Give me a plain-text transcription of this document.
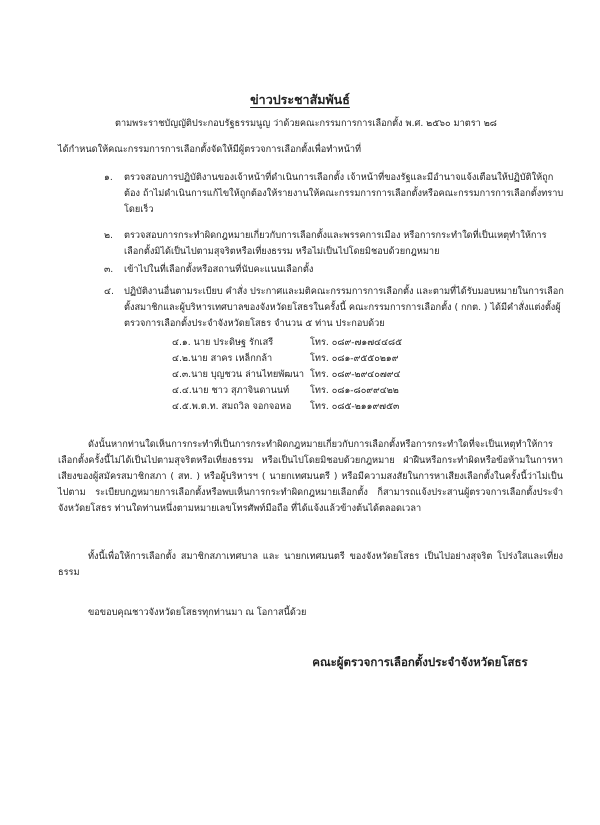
ข่าวประชาสัมพันธ์

ตามพระราชบัญญัติประกอบรัฐธรรมนูญ ว่าด้วยคณะกรรมการการเลือกตั้ง พ.ศ. ๒๕๖๐ มาตรา ๒๘

ได้กำหนดให้คณะกรรมการการเลือกตั้งจัดให้มีผู้ตรวจการเลือกตั้งเพื่อทำหน้าที่

๑. ตรวจสอบการปฏิบัติงานของเจ้าหน้าที่ดำเนินการเลือกตั้ง เจ้าหน้าที่ของรัฐและมีอำนาจแจ้งเตือนให้ปฏิบัติให้ถูกต้อง ถ้าไม่ดำเนินการแก้ไขให้ถูกต้องให้รายงานให้คณะกรรมการการเลือกตั้งหรือคณะกรรมการการเลือกตั้งทราบโดยเร็ว
๒. ตรวจสอบการกระทำผิดกฎหมายเกี่ยวกับการเลือกตั้งและพรรคการเมือง หรือการกระทำใดที่เป็นเหตุทำให้การเลือกตั้งมิได้เป็นไปตามสุจริตหรือเที่ยงธรรม หรือไม่เป็นไปโดยมิชอบด้วยกฎหมาย
๓. เข้าไปในที่เลือกตั้งหรือสถานที่นับคะแนนเลือกตั้ง
๔. ปฏิบัติงานอื่นตามระเบียบ คำสั่ง ประกาศและมติคณะกรรมการการเลือกตั้ง และตามที่ได้รับมอบหมายในการเลือกตั้งสมาชิกและผู้บริหารเทศบาลของจังหวัดยโสธรในครั้งนี้ คณะกรรมการการเลือกตั้ง ( กกต. ) ได้มีคำสั่งแต่งตั้งผู้ตรวจการเลือกตั้งประจำจังหวัดยโสธร จำนวน ๕ ท่าน ประกอบด้วย
๔.๑. นาย ประดิษฐ รักเสรี	โทร. ๐๘๙-๗๑๗๔๔๘๕
๔.๒.นาย สาคร เหล็กกล้า	โทร. ๐๘๑-๙๕๕๐๒๑๙
๔.๓.นาย บุญชวน ล่านไทยพัฒนา โทร. ๐๘๙-๒๙๔๐๗๙๔
๔.๔.นาย ชาว สุภาจินดานนท์ โทร. ๐๘๑-๘๐๙๙๔๒๒
๔.๕.พ.ต.ท. สมถวิล จอกจอหอ โทร. ๐๘๕-๒๑๑๙๗๕๓

ดังนั้นหากท่านใดเห็นการกระทำที่เป็นการกระทำผิดกฎหมายเกี่ยวกับการเลือกตั้งหรือการกระทำใดที่จะเป็นเหตุทำให้การเลือกตั้งครั้งนี้ไม่ได้เป็นไปตามสุจริตหรือเที่ยงธรรม หรือเป็นไปโดยมิชอบด้วยกฎหมาย ฝ่าฝืนหรือกระทำผิดหรือข้อห้ามในการหาเสียงของผู้สมัครสมาชิกสภา ( สท. ) หรือผู้บริหารฯ ( นายกเทศมนตรี ) หรือมีความสงสัยในการหาเสียงเลือกตั้งในครั้งนี้ว่าไม่เป็นไปตาม ระเบียบกฎหมายการเลือกตั้งหรือพบเห็นการกระทำผิดกฎหมายเลือกตั้ง ก็สามารถแจ้งประสานผู้ตรวจการเลือกตั้งประจำจังหวัดยโสธร ท่านใดท่านหนึ่งตามหมายเลขโทรศัพท์มือถือ ที่ได้แจ้งแล้วข้างต้นได้ตลอดเวลา

ทั้งนี้เพื่อให้การเลือกตั้ง สมาชิกสภาเทศบาล และ นายกเทศมนตรี ของจังหวัดยโสธร เป็นไปอย่างสุจริต โปร่งใสและเที่ยงธรรม

ขอขอบคุณชาวจังหวัดยโสธรทุกท่านมา ณ โอกาสนี้ด้วย

คณะผู้ตรวจการเลือกตั้งประจำจังหวัดยโสธร
